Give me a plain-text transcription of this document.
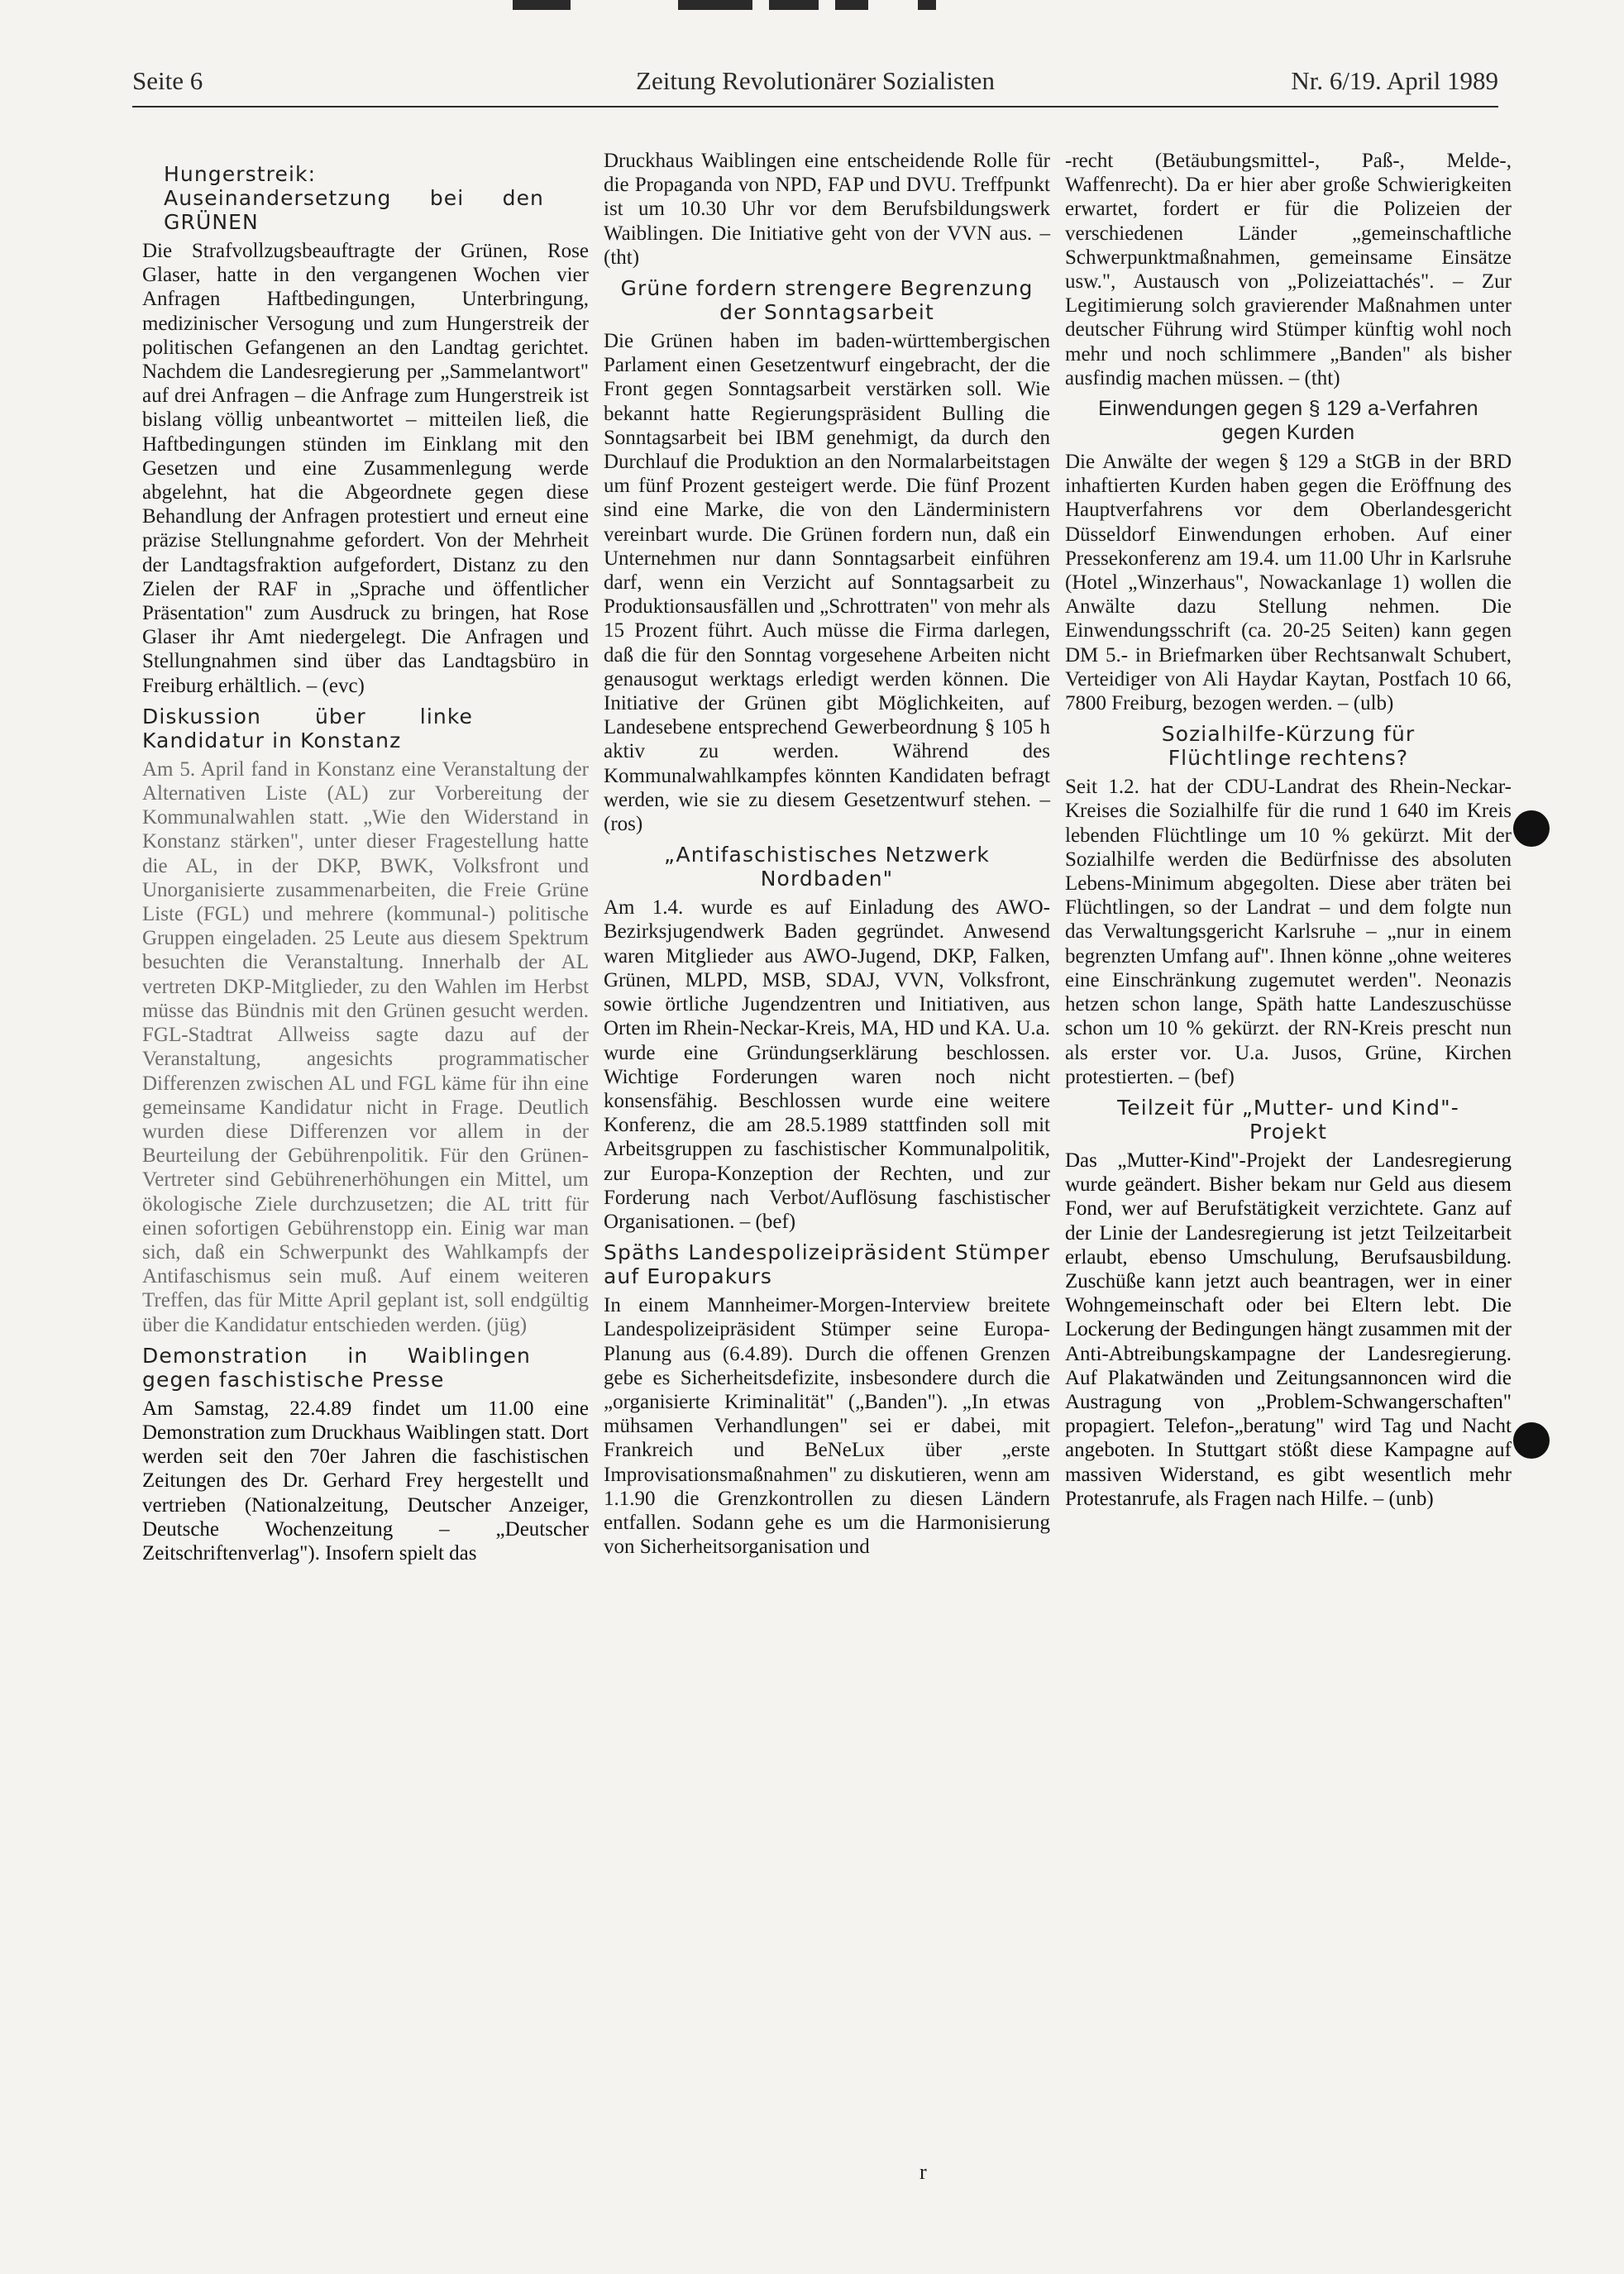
Seite 6	Zeitung Revolutionärer Sozialisten	Nr. 6/19. April 1989
Hungerstreik: Auseinandersetzung bei den GRÜNEN

Die Strafvollzugsbeauftragte der Grünen, Rose Glaser, hatte in den vergangenen Wochen vier Anfragen Haftbedingungen, Unterbringung, medizinischer Versogung und zum Hungerstreik der politischen Gefangenen an den Landtag gerichtet. Nachdem die Landesregierung per „Sammelantwort" auf drei Anfragen – die Anfrage zum Hungerstreik ist bislang völlig unbeantwortet – mitteilen ließ, die Haftbedingungen stünden im Einklang mit den Gesetzen und eine Zusammenlegung werde abgelehnt, hat die Abgeordnete gegen diese Behandlung der Anfragen protestiert und erneut eine präzise Stellungnahme gefordert. Von der Mehrheit der Landtagsfraktion aufgefordert, Distanz zu den Zielen der RAF in „Sprache und öffentlicher Präsentation" zum Ausdruck zu bringen, hat Rose Glaser ihr Amt niedergelegt. Die Anfragen und Stellungnahmen sind über das Landtagsbüro in Freiburg erhältlich. – (evc)

Diskussion über linke Kandidatur in Konstanz

Am 5. April fand in Konstanz eine Veranstaltung der Alternativen Liste (AL) zur Vorbereitung der Kommunalwahlen statt. „Wie den Widerstand in Konstanz stärken", unter dieser Fragestellung hatte die AL, in der DKP, BWK, Volksfront und Unorganisierte zusammenarbeiten, die Freie Grüne Liste (FGL) und mehrere (kommunal-) politische Gruppen eingeladen. 25 Leute aus diesem Spektrum besuchten die Veranstaltung. Innerhalb der AL vertreten DKP-Mitglieder, zu den Wahlen im Herbst müsse das Bündnis mit den Grünen gesucht werden. FGL-Stadtrat Allweiss sagte dazu auf der Veranstaltung, angesichts programmatischer Differenzen zwischen AL und FGL käme für ihn eine gemeinsame Kandidatur nicht in Frage. Deutlich wurden diese Differenzen vor allem in der Beurteilung der Gebührenpolitik. Für den Grünen-Vertreter sind Gebührenerhöhungen ein Mittel, um ökologische Ziele durchzusetzen; die AL tritt für einen sofortigen Gebührenstopp ein. Einig war man sich, daß ein Schwerpunkt des Wahlkampfs der Antifaschismus sein muß. Auf einem weiteren Treffen, das für Mitte April geplant ist, soll endgültig über die Kandidatur entschieden werden. (jüg)

Demonstration in Waiblingen gegen faschistische Presse

Am Samstag, 22.4.89 findet um 11.00 eine Demonstration zum Druckhaus Waiblingen statt. Dort werden seit den 70er Jahren die faschistischen Zeitungen des Dr. Gerhard Frey hergestellt und vertrieben (Nationalzeitung, Deutscher Anzeiger, Deutsche Wochenzeitung – „Deutscher Zeitschriftenverlag"). Insofern spielt das

Druckhaus Waiblingen eine entscheidende Rolle für die Propaganda von NPD, FAP und DVU. Treffpunkt ist um 10.30 Uhr vor dem Berufsbildungswerk Waiblingen. Die Initiative geht von der VVN aus. – (tht)

Grüne fordern strengere Begrenzung der Sonntagsarbeit

Die Grünen haben im baden-württembergischen Parlament einen Gesetzentwurf eingebracht, der die Front gegen Sonntagsarbeit verstärken soll. Wie bekannt hatte Regierungspräsident Bulling die Sonntagsarbeit bei IBM genehmigt, da durch den Durchlauf die Produktion an den Normalarbeitstagen um fünf Prozent gesteigert werde. Die fünf Prozent sind eine Marke, die von den Länderministern vereinbart wurde. Die Grünen fordern nun, daß ein Unternehmen nur dann Sonntagsarbeit einführen darf, wenn ein Verzicht auf Sonntagsarbeit zu Produktionsausfällen und „Schrottraten" von mehr als 15 Prozent führt. Auch müsse die Firma darlegen, daß die für den Sonntag vorgesehene Arbeiten nicht genausogut werktags erledigt werden können. Die Initiative der Grünen gibt Möglichkeiten, auf Landesebene entsprechend Gewerbeordnung § 105 h aktiv zu werden. Während des Kommunalwahlkampfes könnten Kandidaten befragt werden, wie sie zu diesem Gesetzentwurf stehen. – (ros)

„Antifaschistisches Netzwerk Nordbaden"

Am 1.4. wurde es auf Einladung des AWO-Bezirksjugendwerk Baden gegründet. Anwesend waren Mitglieder aus AWO-Jugend, DKP, Falken, Grünen, MLPD, MSB, SDAJ, VVN, Volksfront, sowie örtliche Jugendzentren und Initiativen, aus Orten im Rhein-Neckar-Kreis, MA, HD und KA. U.a. wurde eine Gründungserklärung beschlossen. Wichtige Forderungen waren noch nicht konsensfähig. Beschlossen wurde eine weitere Konferenz, die am 28.5.1989 stattfinden soll mit Arbeitsgruppen zu faschistischer Kommunalpolitik, zur Europa-Konzeption der Rechten, und zur Forderung nach Verbot/Auflösung faschistischer Organisationen. – (bef)

Späths Landespolizeipräsident Stümper auf Europakurs

In einem Mannheimer-Morgen-Interview breitete Landespolizeipräsident Stümper seine Europa-Planung aus (6.4.89). Durch die offenen Grenzen gebe es Sicherheitsdefizite, insbesondere durch die „organisierte Kriminalität" („Banden"). „In etwas mühsamen Verhandlungen" sei er dabei, mit Frankreich und BeNeLux über „erste Improvisationsmaßnahmen" zu diskutieren, wenn am 1.1.90 die Grenzkontrollen zu diesen Ländern entfallen. Sodann gehe es um die Harmonisierung von Sicherheitsorganisation und

-recht (Betäubungsmittel-, Paß-, Melde-, Waffenrecht). Da er hier aber große Schwierigkeiten erwartet, fordert er für die Polizeien der verschiedenen Länder „gemeinschaftliche Schwerpunktmaßnahmen, gemeinsame Einsätze usw.", Austausch von „Polizeiattachés". – Zur Legitimierung solch gravierender Maßnahmen unter deutscher Führung wird Stümper künftig wohl noch mehr und noch schlimmere „Banden" als bisher ausfindig machen müssen. – (tht)

Einwendungen gegen § 129 a-Verfahren gegen Kurden

Die Anwälte der wegen § 129 a StGB in der BRD inhaftierten Kurden haben gegen die Eröffnung des Hauptverfahrens vor dem Oberlandesgericht Düsseldorf Einwendungen erhoben. Auf einer Pressekonferenz am 19.4. um 11.00 Uhr in Karlsruhe (Hotel „Winzerhaus", Nowackanlage 1) wollen die Anwälte dazu Stellung nehmen. Die Einwendungsschrift (ca. 20-25 Seiten) kann gegen DM 5.- in Briefmarken über Rechtsanwalt Schubert, Verteidiger von Ali Haydar Kaytan, Postfach 10 66, 7800 Freiburg, bezogen werden. – (ulb)

Sozialhilfe-Kürzung für Flüchtlinge rechtens?

Seit 1.2. hat der CDU-Landrat des Rhein-Neckar-Kreises die Sozialhilfe für die rund 1 640 im Kreis lebenden Flüchtlinge um 10 % gekürzt. Mit der Sozialhilfe werden die Bedürfnisse des absoluten Lebens-Minimum abgegolten. Diese aber träten bei Flüchtlingen, so der Landrat – und dem folgte nun das Verwaltungsgericht Karlsruhe – „nur in einem begrenzten Umfang auf". Ihnen könne „ohne weiteres eine Einschränkung zugemutet werden". Neonazis hetzen schon lange, Späth hatte Landeszuschüsse schon um 10 % gekürzt. der RN-Kreis prescht nun als erster vor. U.a. Jusos, Grüne, Kirchen protestierten. – (bef)

Teilzeit für „Mutter- und Kind"-Projekt

Das „Mutter-Kind"-Projekt der Landesregierung wurde geändert. Bisher bekam nur Geld aus diesem Fond, wer auf Berufstätigkeit verzichtete. Ganz auf der Linie der Landesregierung ist jetzt Teilzeitarbeit erlaubt, ebenso Umschulung, Berufsausbildung. Zuschüße kann jetzt auch beantragen, wer in einer Wohngemeinschaft oder bei Eltern lebt. Die Lockerung der Bedingungen hängt zusammen mit der Anti-Abtreibungskampagne der Landesregierung. Auf Plakatwänden und Zeitungsannoncen wird die Austragung von „Problem-Schwangerschaften" propagiert. Telefon-„beratung" wird Tag und Nacht angeboten. In Stuttgart stößt diese Kampagne auf massiven Widerstand, es gibt wesentlich mehr Protestanrufe, als Fragen nach Hilfe. – (unb)

r
